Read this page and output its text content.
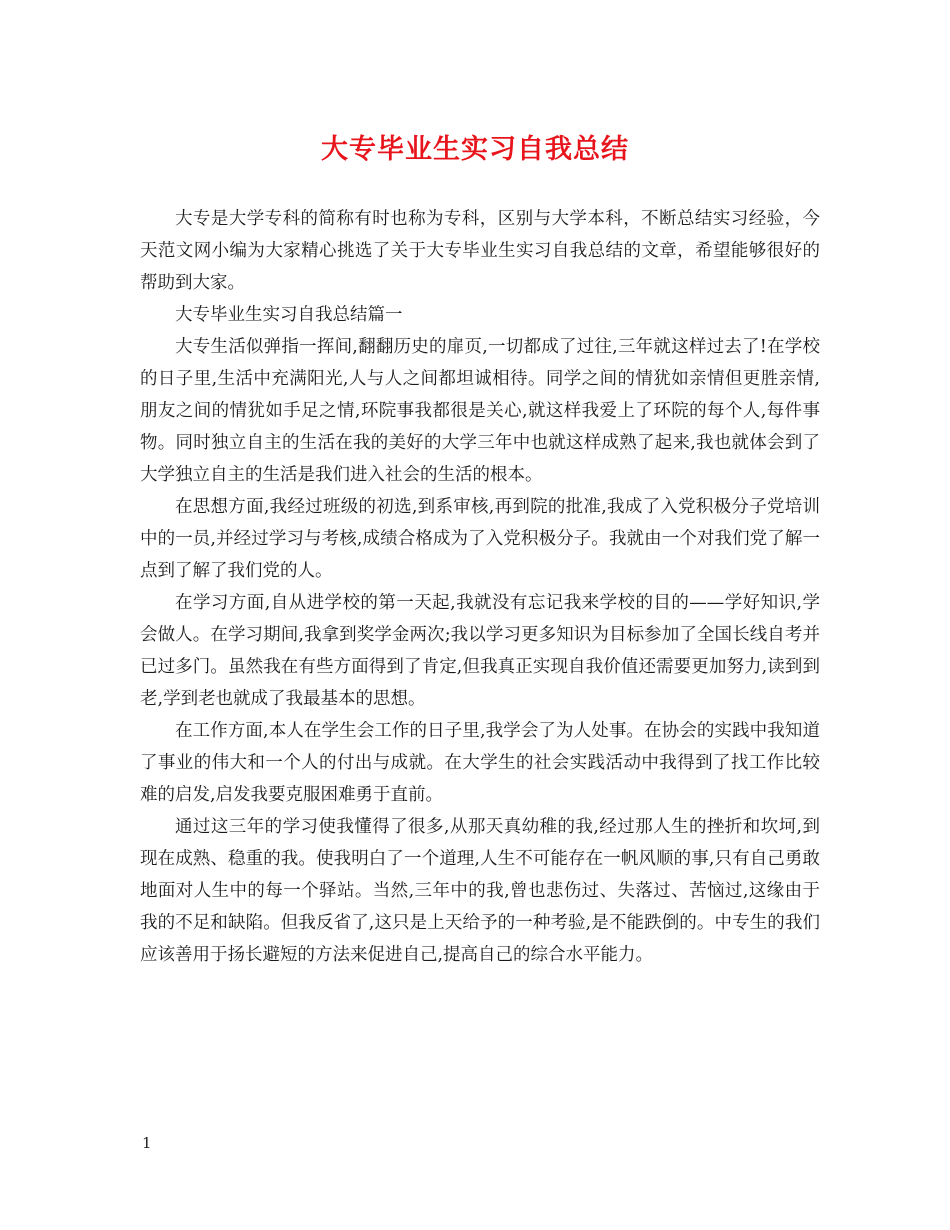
大专毕业生实习自我总结

大专是大学专科的简称有时也称为专科，区别与大学本科，不断总结实习经验，今天范文网小编为大家精心挑选了关于大专毕业生实习自我总结的文章，希望能够很好的帮助到大家。

大专毕业生实习自我总结篇一

大专生活似弹指一挥间,翻翻历史的扉页,一切都成了过往,三年就这样过去了!在学校的日子里,生活中充满阳光,人与人之间都坦诚相待。同学之间的情犹如亲情但更胜亲情,朋友之间的情犹如手足之情,环院事我都很是关心,就这样我爱上了环院的每个人,每件事物。同时独立自主的生活在我的美好的大学三年中也就这样成熟了起来,我也就体会到了大学独立自主的生活是我们进入社会的生活的根本。

在思想方面,我经过班级的初选,到系审核,再到院的批准,我成了入党积极分子党培训中的一员,并经过学习与考核,成绩合格成为了入党积极分子。我就由一个对我们党了解一点到了解了我们党的人。

在学习方面,自从进学校的第一天起,我就没有忘记我来学校的目的——学好知识,学会做人。在学习期间,我拿到奖学金两次;我以学习更多知识为目标参加了全国长线自考并已过多门。虽然我在有些方面得到了肯定,但我真正实现自我价值还需要更加努力,读到到老,学到老也就成了我最基本的思想。

在工作方面,本人在学生会工作的日子里,我学会了为人处事。在协会的实践中我知道了事业的伟大和一个人的付出与成就。在大学生的社会实践活动中我得到了找工作比较难的启发,启发我要克服困难勇于直前。

通过这三年的学习使我懂得了很多,从那天真幼稚的我,经过那人生的挫折和坎坷,到现在成熟、稳重的我。使我明白了一个道理,人生不可能存在一帆风顺的事,只有自己勇敢地面对人生中的每一个驿站。当然,三年中的我,曾也悲伤过、失落过、苦恼过,这缘由于我的不足和缺陷。但我反省了,这只是上天给予的一种考验,是不能跌倒的。中专生的我们应该善用于扬长避短的方法来促进自己,提高自己的综合水平能力。

1
